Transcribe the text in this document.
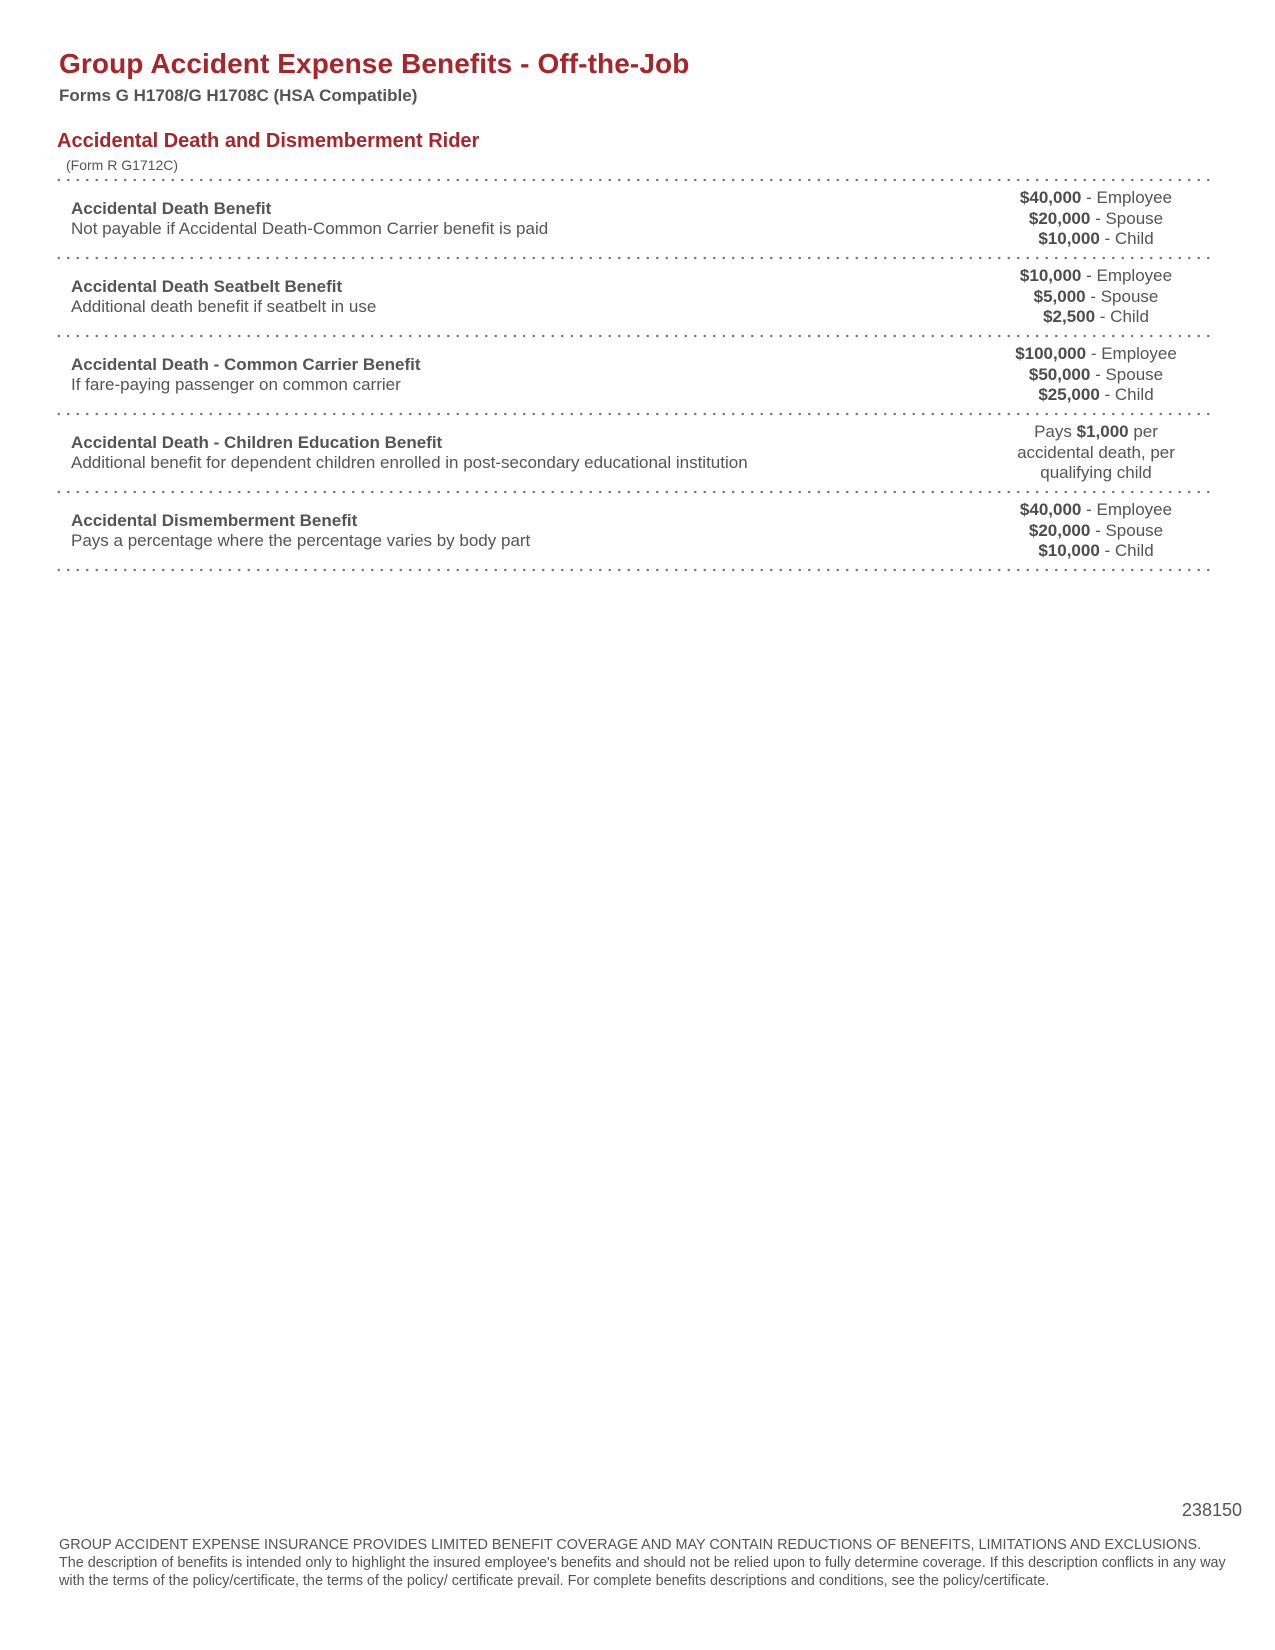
Group Accident Expense Benefits - Off-the-Job
Forms G H1708/G H1708C (HSA Compatible)
Accidental Death and Dismemberment Rider
(Form R G1712C)
Accidental Death Benefit
Not payable if Accidental Death-Common Carrier benefit is paid
$40,000 - Employee
$20,000 - Spouse
$10,000 - Child
Accidental Death Seatbelt Benefit
Additional death benefit if seatbelt in use
$10,000 - Employee
$5,000 - Spouse
$2,500 - Child
Accidental Death - Common Carrier Benefit
If fare-paying passenger on common carrier
$100,000 - Employee
$50,000 - Spouse
$25,000 - Child
Accidental Death - Children Education Benefit
Additional benefit for dependent children enrolled in post-secondary educational institution
Pays $1,000 per
accidental death, per
qualifying child
Accidental Dismemberment Benefit
Pays a percentage where the percentage varies by body part
$40,000 - Employee
$20,000 - Spouse
$10,000 - Child
238150
GROUP ACCIDENT EXPENSE INSURANCE PROVIDES LIMITED BENEFIT COVERAGE AND MAY CONTAIN REDUCTIONS OF BENEFITS, LIMITATIONS AND EXCLUSIONS. The description of benefits is intended only to highlight the insured employee's benefits and should not be relied upon to fully determine coverage. If this description conflicts in any way with the terms of the policy/certificate, the terms of the policy/ certificate prevail. For complete benefits descriptions and conditions, see the policy/certificate.
